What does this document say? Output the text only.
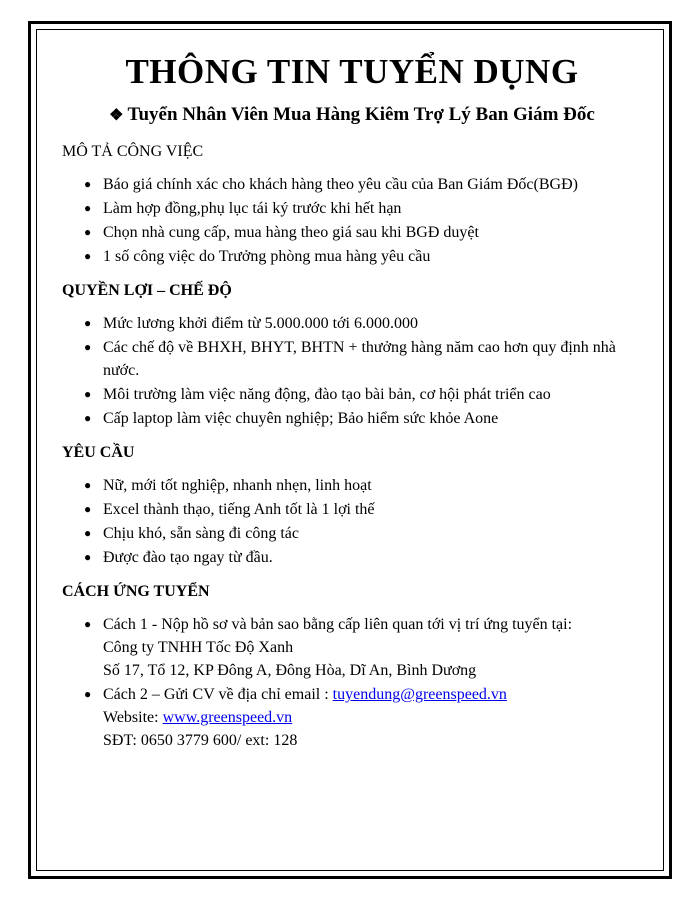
THÔNG TIN TUYỂN DỤNG
❖ Tuyển Nhân Viên Mua Hàng Kiêm Trợ Lý Ban Giám Đốc
MÔ TẢ CÔNG VIỆC
● Báo giá chính xác cho khách hàng theo yêu cầu của Ban Giám Đốc(BGĐ)
● Làm hợp đồng,phụ lục tái ký trước khi hết hạn
● Chọn nhà cung cấp, mua hàng theo giá sau khi BGĐ duyệt
● 1 số công việc do Trưởng phòng mua hàng yêu cầu
QUYỀN LỢI – CHẾ ĐỘ
● Mức lương khởi điểm từ 5.000.000 tới 6.000.000
● Các chế độ về BHXH, BHYT, BHTN + thưởng hàng năm cao hơn quy định nhà nước.
● Môi trường làm việc năng động, đào tạo bài bản, cơ hội phát triển cao
● Cấp laptop làm việc chuyên nghiệp; Bảo hiểm sức khỏe Aone
YÊU CẦU
● Nữ, mới tốt nghiệp, nhanh nhẹn, linh hoạt
● Excel thành thạo, tiếng Anh tốt là 1 lợi thế
● Chịu khó, sẵn sàng đi công tác
● Được đào tạo ngay từ đầu.
CÁCH ỨNG TUYỂN
● Cách 1 - Nộp hồ sơ và bản sao bằng cấp liên quan tới vị trí ứng tuyển tại:
Công ty TNHH Tốc Độ Xanh
Số 17, Tổ 12, KP Đông A, Đông Hòa, Dĩ An, Bình Dương
● Cách 2 – Gửi CV về địa chỉ email : tuyendung@greenspeed.vn
Website: www.greenspeed.vn
SĐT: 0650 3779 600/ ext: 128
